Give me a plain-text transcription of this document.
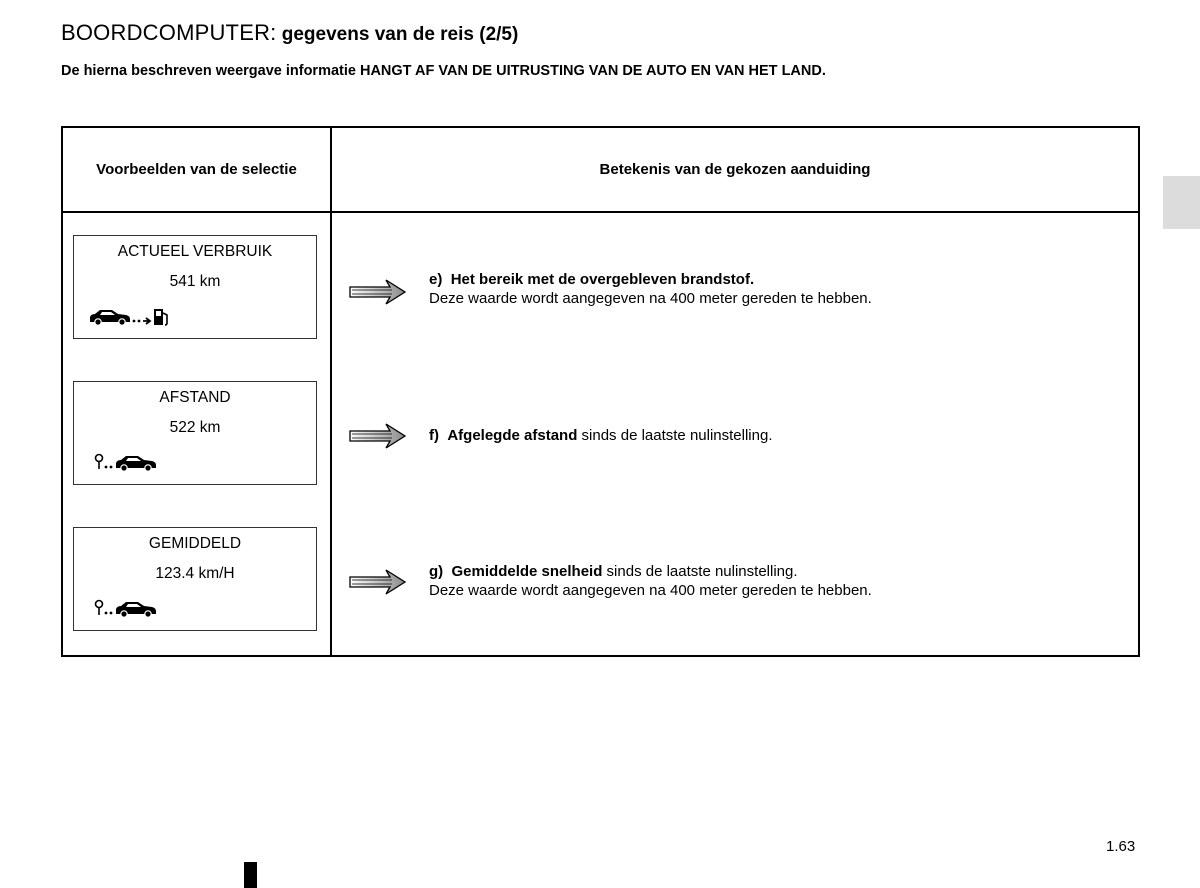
BOORDCOMPUTER: gegevens van de reis (2/5)
De hierna beschreven weergave informatie HANGT AF VAN DE UITRUSTING VAN DE AUTO EN VAN HET LAND.
Voorbeelden van de selectie	Betekenis van de gekozen aanduiding
ACTUEEL VERBRUIK
541 km	e) Het bereik met de overgebleven brandstof.
Deze waarde wordt aangegeven na 400 meter gereden te hebben.
AFSTAND
522 km	f) Afgelegde afstand sinds de laatste nulinstelling.
GEMIDDELD
123.4 km/H	g) Gemiddelde snelheid sinds de laatste nulinstelling.
Deze waarde wordt aangegeven na 400 meter gereden te hebben.
1.63
